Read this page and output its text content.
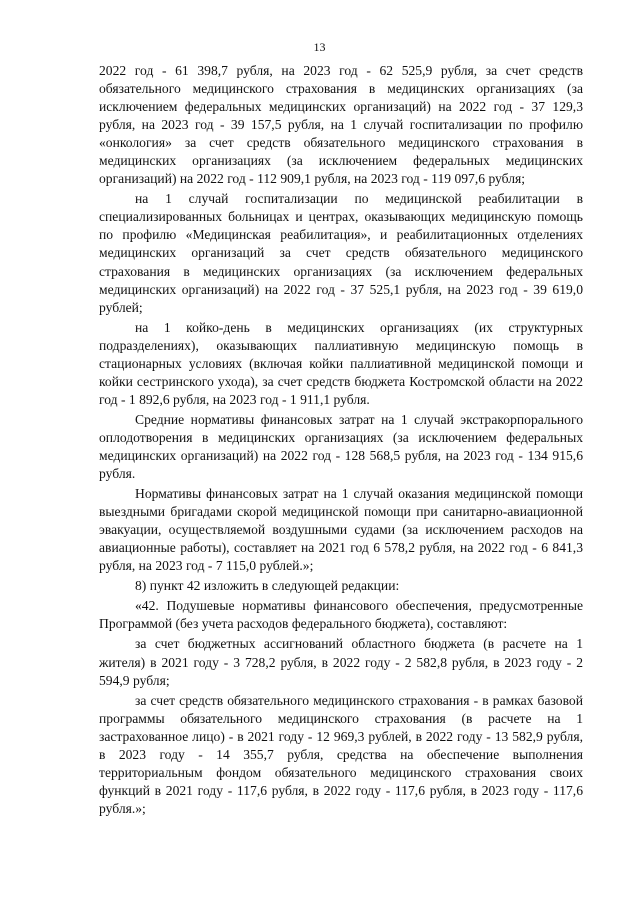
13

2022 год - 61 398,7 рубля, на 2023 год - 62 525,9 рубля, за счет средств обязательного медицинского страхования в медицинских организациях (за исключением федеральных медицинских организаций) на 2022 год - 37 129,3 рубля, на 2023 год - 39 157,5 рубля, на 1 случай госпитализации по профилю «онкология» за счет средств обязательного медицинского страхования в медицинских организациях (за исключением федеральных медицинских организаций) на 2022 год - 112 909,1 рубля, на 2023 год - 119 097,6 рубля;

на 1 случай госпитализации по медицинской реабилитации в специализированных больницах и центрах, оказывающих медицинскую помощь по профилю «Медицинская реабилитация», и реабилитационных отделениях медицинских организаций за счет средств обязательного медицинского страхования в медицинских организациях (за исключением федеральных медицинских организаций) на 2022 год - 37 525,1 рубля, на 2023 год - 39 619,0 рублей;

на 1 койко-день в медицинских организациях (их структурных подразделениях), оказывающих паллиативную медицинскую помощь в стационарных условиях (включая койки паллиативной медицинской помощи и койки сестринского ухода), за счет средств бюджета Костромской области на 2022 год - 1 892,6 рубля, на 2023 год - 1 911,1 рубля.

Средние нормативы финансовых затрат на 1 случай экстракорпорального оплодотворения в медицинских организациях (за исключением федеральных медицинских организаций) на 2022 год - 128 568,5 рубля, на 2023 год - 134 915,6 рубля.

Нормативы финансовых затрат на 1 случай оказания медицинской помощи выездными бригадами скорой медицинской помощи при санитарно-авиационной эвакуации, осуществляемой воздушными судами (за исключением расходов на авиационные работы), составляет на 2021 год 6 578,2 рубля, на 2022 год - 6 841,3 рубля, на 2023 год - 7 115,0 рублей.»;

8) пункт 42 изложить в следующей редакции:

«42. Подушевые нормативы финансового обеспечения, предусмотренные Программой (без учета расходов федерального бюджета), составляют:

за счет бюджетных ассигнований областного бюджета (в расчете на 1 жителя) в 2021 году - 3 728,2 рубля, в 2022 году - 2 582,8 рубля, в 2023 году - 2 594,9 рубля;

за счет средств обязательного медицинского страхования - в рамках базовой программы обязательного медицинского страхования (в расчете на 1 застрахованное лицо) - в 2021 году - 12 969,3 рублей, в 2022 году - 13 582,9 рубля, в 2023 году - 14 355,7 рубля, средства на обеспечение выполнения территориальным фондом обязательного медицинского страхования своих функций в 2021 году - 117,6 рубля, в 2022 году - 117,6 рубля, в 2023 году - 117,6 рубля.»;
